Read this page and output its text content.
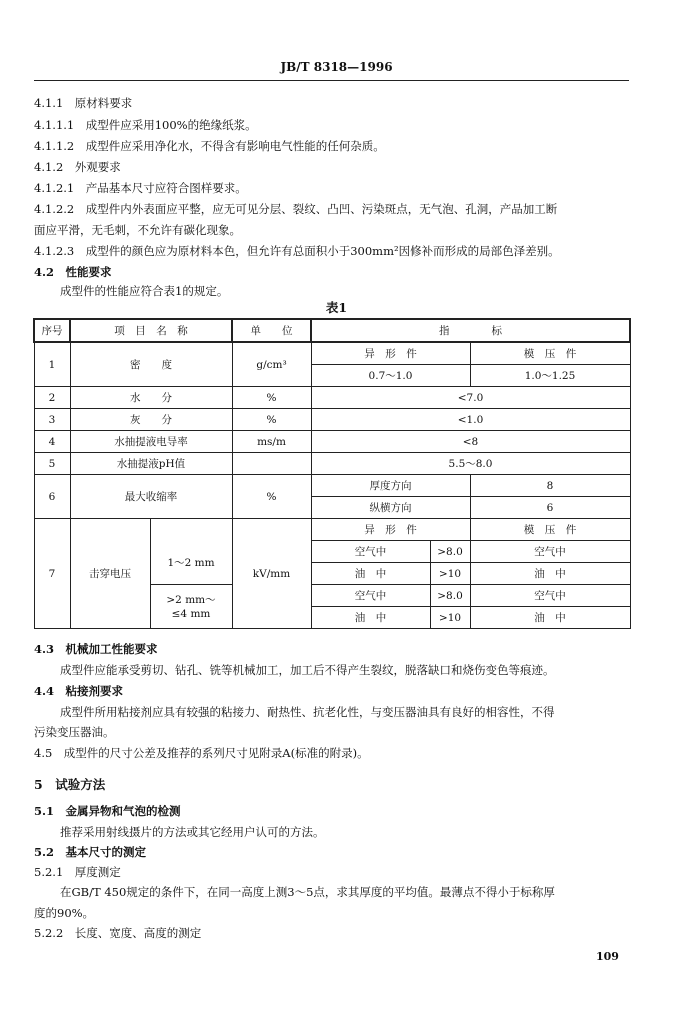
JB/T 8318—1996
4.1.1　原材料要求
4.1.1.1　成型件应采用100%的绝缘纸浆。
4.1.1.2　成型件应采用净化水，不得含有影响电气性能的任何杂质。
4.1.2　外观要求
4.1.2.1　产品基本尺寸应符合图样要求。
4.1.2.2　成型件内外表面应平整，应无可见分层、裂纹、凸凹、污染斑点，无气泡、孔洞，产品加工断
面应平滑，无毛刺，不允许有碳化现象。
4.1.2.3　成型件的颜色应为原材料本色，但允许有总面积小于300mm²因修补而形成的局部色泽差别。
4.2　性能要求
成型件的性能应符合表1的规定。
表1
序号	项　目　名　称		单　　位	指　　　　标			
1	密　　度		g/cm³	异　形　件		模　压　件	
				0.7～1.0		1.0～1.25	
2	水　　分		%	<7.0			
3	灰　　分		%	<1.0			
4	水抽提液电导率		ms/m	<8			
5	水抽提液pH值			5.5～8.0			
6	最大收缩率		%	厚度方向		8	
				纵横方向		6	
7	击穿电压		kV/mm	异　形　件		模　压　件	
		1～2 mm		空气中	>8.0	空气中	
				油　中	>10	油　中	
		>2 mm～
≤4 mm		空气中	>8.0	空气中	
				油　中	>10	油　中	
4.3　机械加工性能要求
成型件应能承受剪切、钻孔、铣等机械加工，加工后不得产生裂纹，脱落缺口和烧伤变色等痕迹。
4.4　粘接剂要求
成型件所用粘接剂应具有较强的粘接力、耐热性、抗老化性，与变压器油具有良好的相容性，不得
污染变压器油。
4.5　成型件的尺寸公差及推荐的系列尺寸见附录A(标准的附录)。
5　试验方法
5.1　金属异物和气泡的检测
推荐采用射线摄片的方法或其它经用户认可的方法。
5.2　基本尺寸的测定
5.2.1　厚度测定
在GB/T 450规定的条件下，在同一高度上测3～5点，求其厚度的平均值。最薄点不得小于标称厚
度的90%。
5.2.2　长度、宽度、高度的测定
109
